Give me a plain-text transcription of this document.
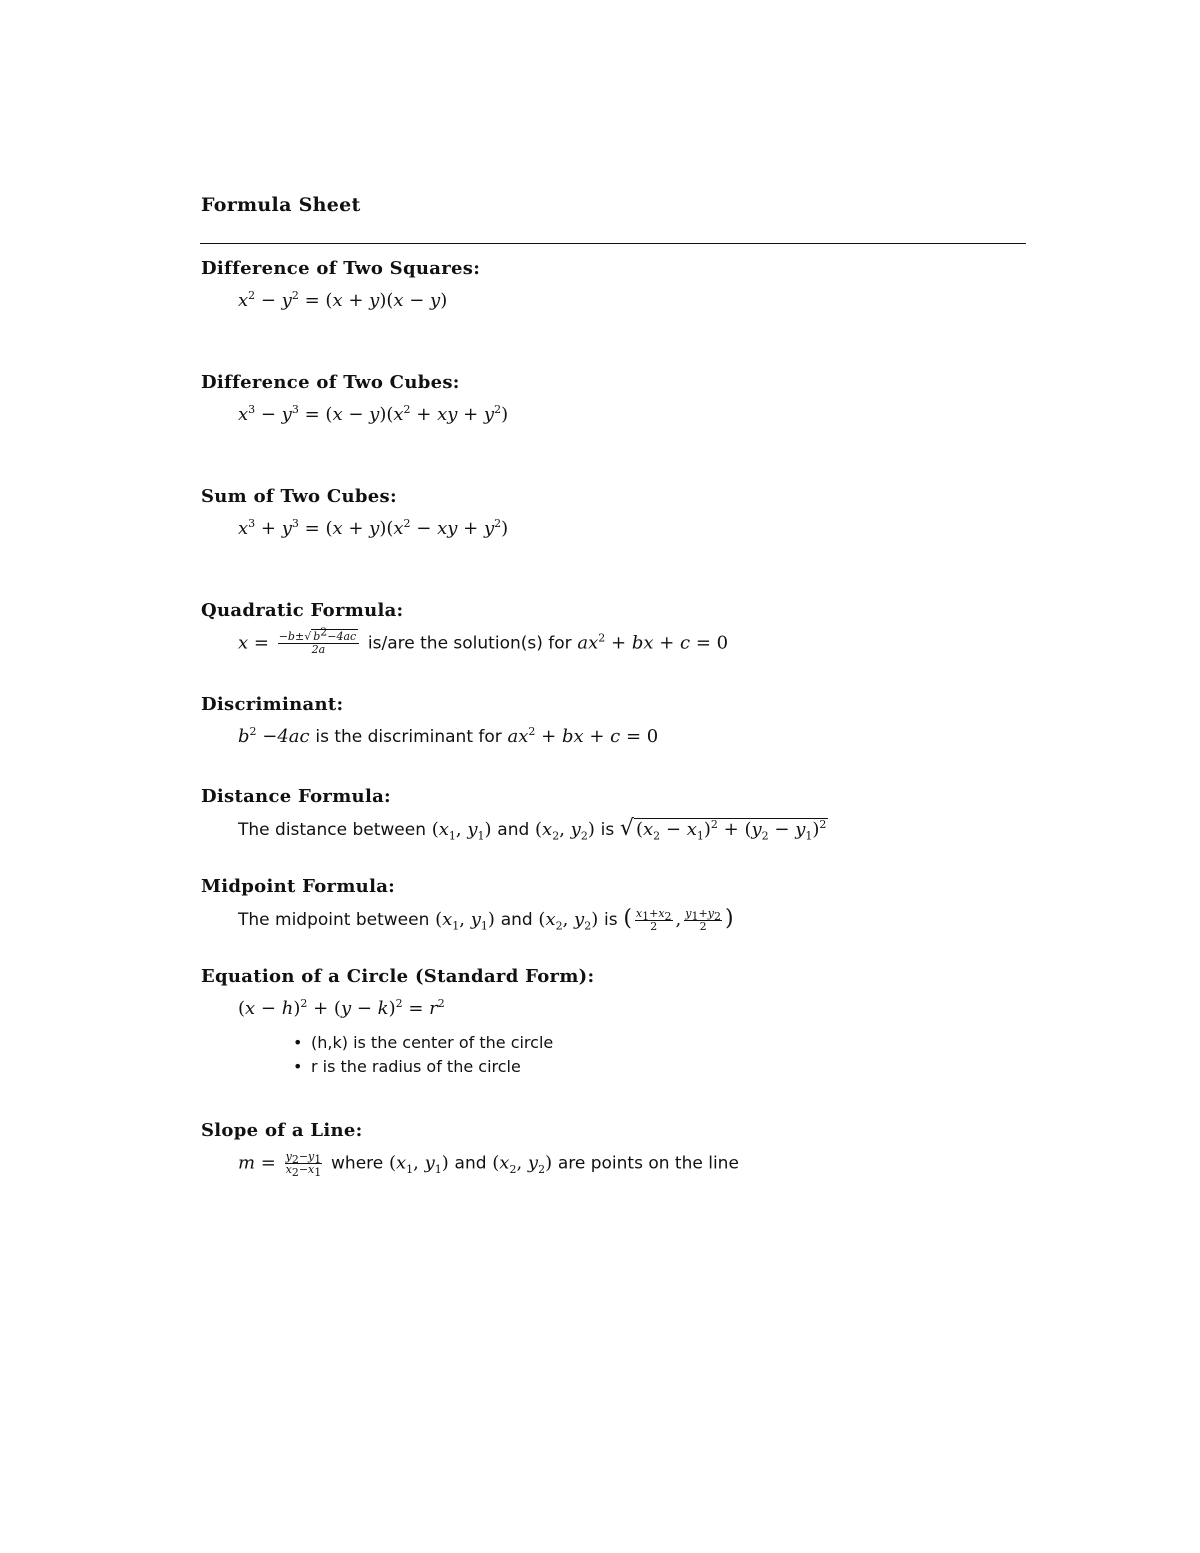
Formula Sheet
Difference of Two Squares:
$x^2 - y^2 = (x + y)(x - y)$
Difference of Two Cubes:
$x^3 - y^3 = (x - y)(x^2$ + xy + $y^2$)
Sum of Two Cubes:
$x^3 + y^3 = (x + y)(x^2$ − xy + $y^2$)
Quadratic Formula:
$x = \frac{-b\pm√ b^2-4ac}{2a} is/are$ the solution(s) for $ax^2$ + bx + c = 0
Discriminant:
$b^2 -4ac$ is the discriminant for $ax^2$ + bx + c = 0
Distance Formula:
The distance between ($x_1$, $y_1$) and ($x_2$, $y_2$) is √ $(x_2 - x_1)^2 + (y_2 - y_1)^2$
Midpoint Formula:
The midpoint between ($x_1$, $y_1$) and ($x_2$, $y_2$) is ( $\frac{x_1+x_2}{2}$ , $\frac{y_1+y_2}{2}$ )
Equation of a Circle (Standard Form):
$(x - h)^2 + (y - k)^2 = r^2$
• (h,k) is the center of the circle
• r is the radius of the circle
Slope of a Line:
$m = \frac{y_2-y_1}{x_2-x_1}$ where ($x_1$, $y_1$) and ($x_2$, $y_2$) are points on the line
